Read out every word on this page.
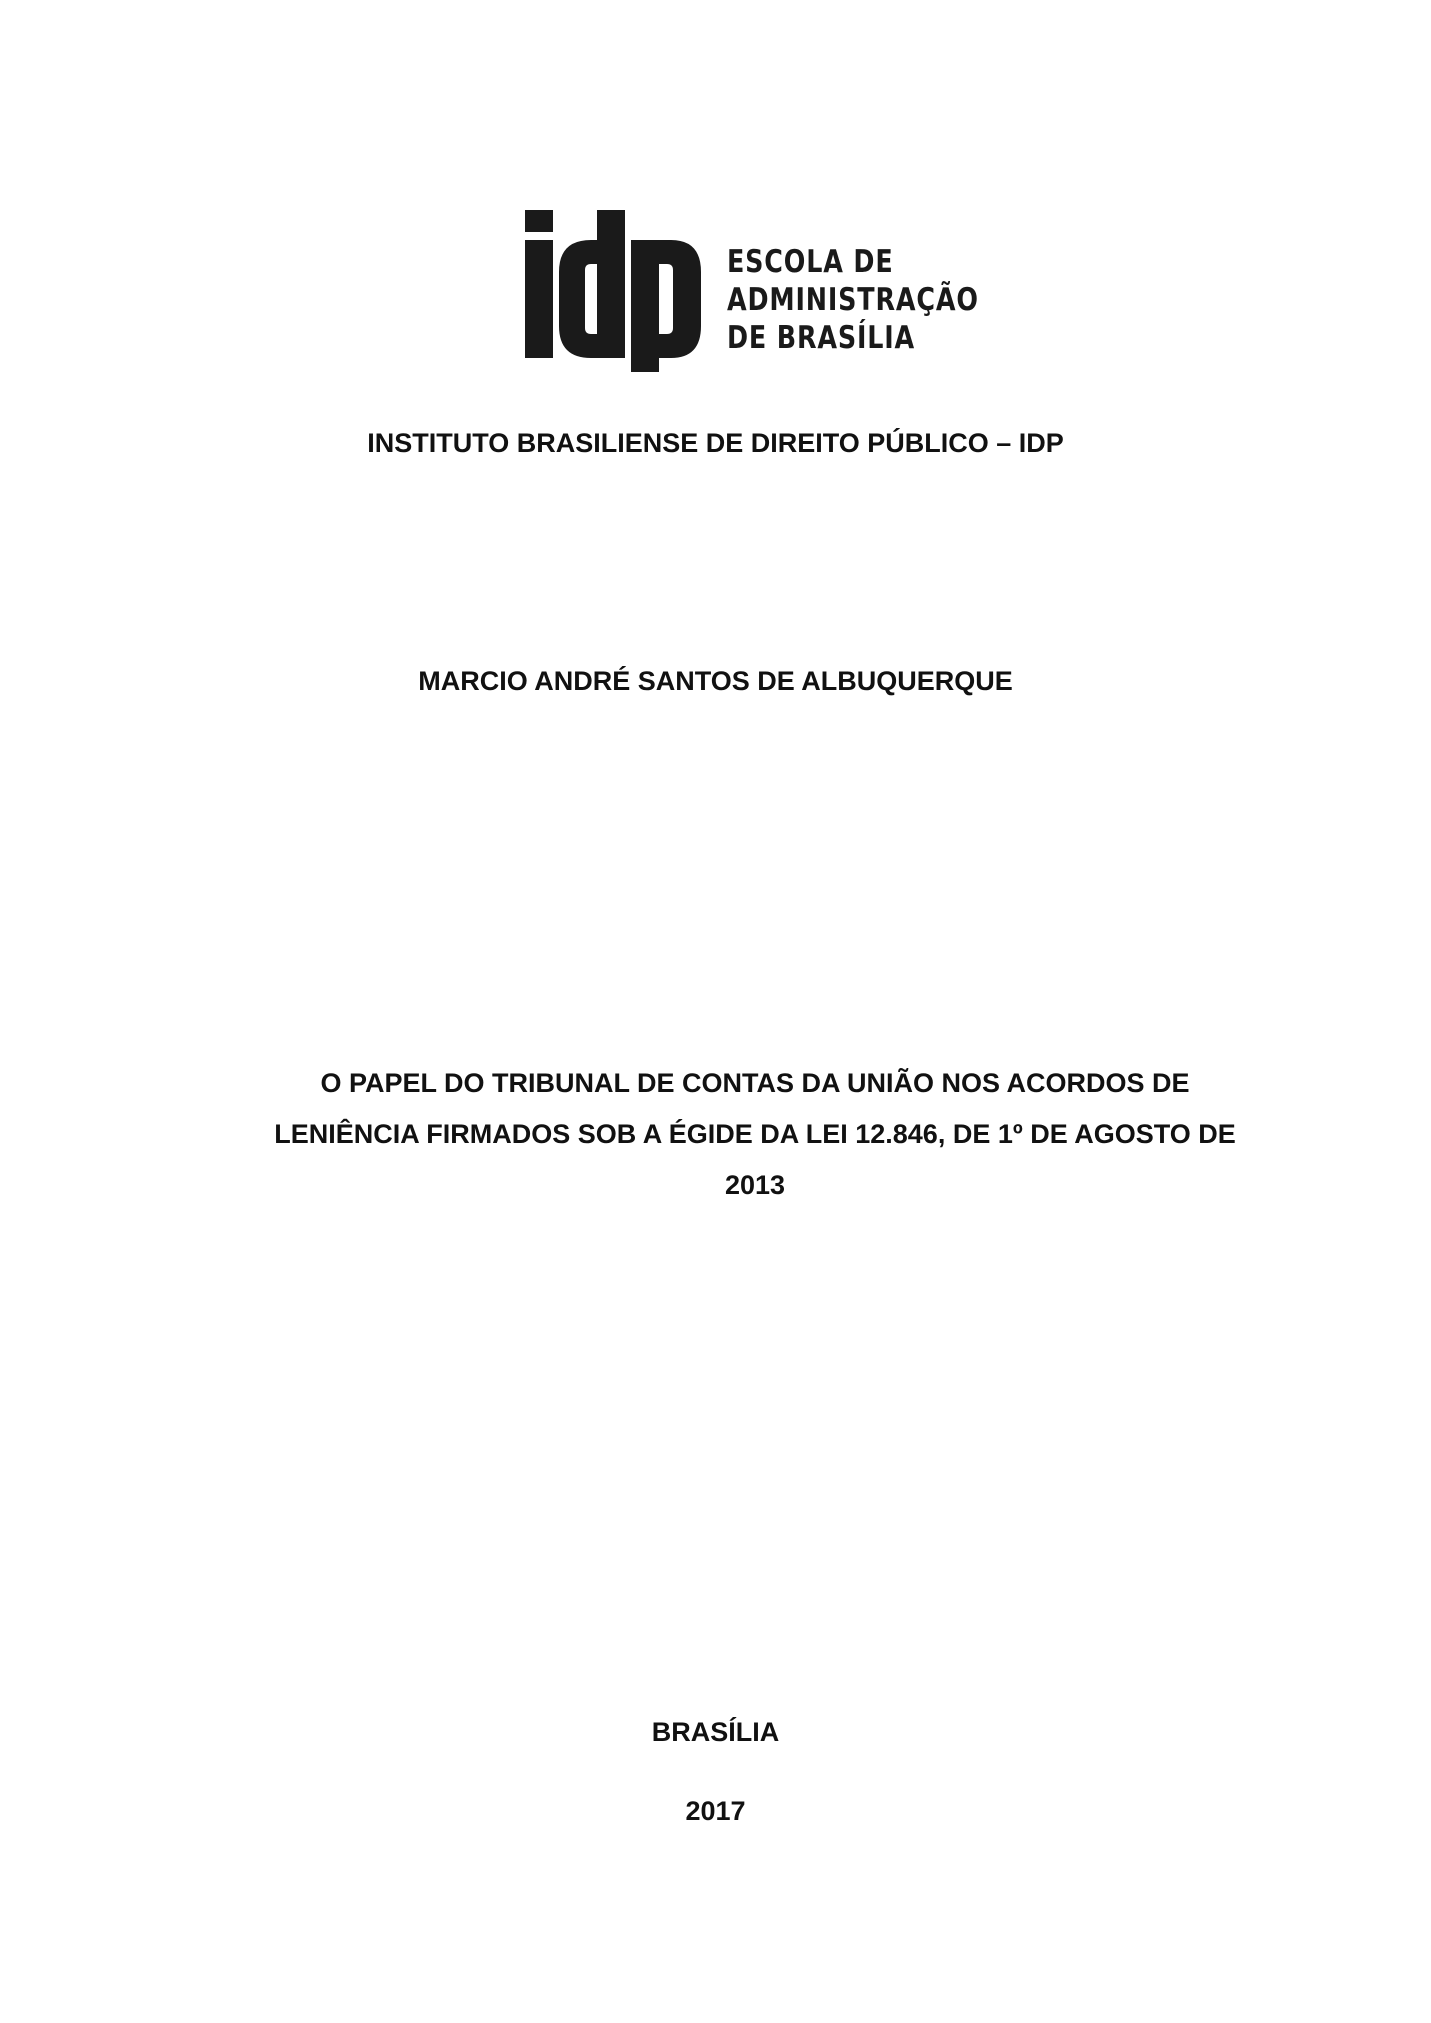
ESCOLA DE
ADMINISTRAÇÃO
DE BRASÍLIA
INSTITUTO BRASILIENSE DE DIREITO PÚBLICO – IDP
MARCIO ANDRÉ SANTOS DE ALBUQUERQUE
O PAPEL DO TRIBUNAL DE CONTAS DA UNIÃO NOS ACORDOS DE
LENIÊNCIA FIRMADOS SOB A ÉGIDE DA LEI 12.846, DE 1º DE AGOSTO DE
2013
BRASÍLIA
2017
